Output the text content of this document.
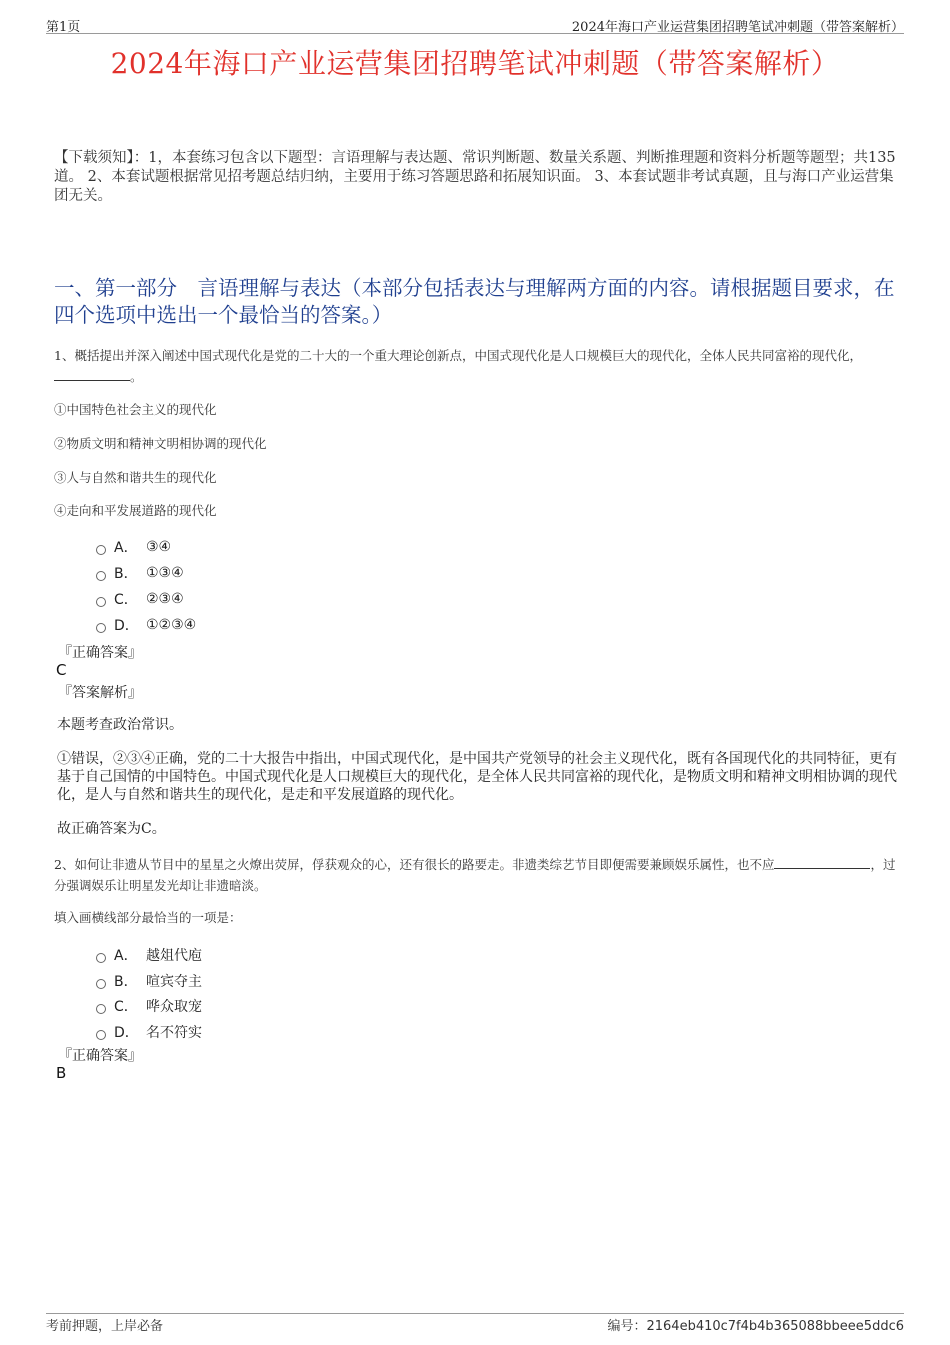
第1页	2024年海口产业运营集团招聘笔试冲刺题（带答案解析）
2024年海口产业运营集团招聘笔试冲刺题（带答案解析）
【下载须知】：1，本套练习包含以下题型：言语理解与表达题、常识判断题、数量关系题、判断推理题和资料分析题等题型；共135道。 2、本套试题根据常见招考题总结归纳，主要用于练习答题思路和拓展知识面。 3、本套试题非考试真题，且与海口产业运营集团无关。
一、第一部分　言语理解与表达（本部分包括表达与理解两方面的内容。请根据题目要求，在四个选项中选出一个最恰当的答案。）
1、概括提出并深入阐述中国式现代化是党的二十大的一个重大理论创新点，中国式现代化是人口规模巨大的现代化，全体人民共同富裕的现代化，。
①中国特色社会主义的现代化
②物质文明和精神文明相协调的现代化
③人与自然和谐共生的现代化
④走向和平发展道路的现代化
A． ③④
B． ①③④
C． ②③④
D． ①②③④
『正确答案』
C
『答案解析』
本题考查政治常识。
①错误，②③④正确，党的二十大报告中指出，中国式现代化，是中国共产党领导的社会主义现代化，既有各国现代化的共同特征，更有基于自己国情的中国特色。中国式现代化是人口规模巨大的现代化，是全体人民共同富裕的现代化，是物质文明和精神文明相协调的现代化，是人与自然和谐共生的现代化，是走和平发展道路的现代化。
故正确答案为C。
2、如何让非遗从节目中的星星之火燎出荧屏，俘获观众的心，还有很长的路要走。非遗类综艺节目即便需要兼顾娱乐属性，也不应	，过分强调娱乐让明星发光却让非遗暗淡。
填入画横线部分最恰当的一项是：
A． 越俎代庖
B． 喧宾夺主
C． 哗众取宠
D． 名不符实
『正确答案』
B
考前押题，上岸必备	编号：2164eb410c7f4b4b365088bbeee5ddc6
